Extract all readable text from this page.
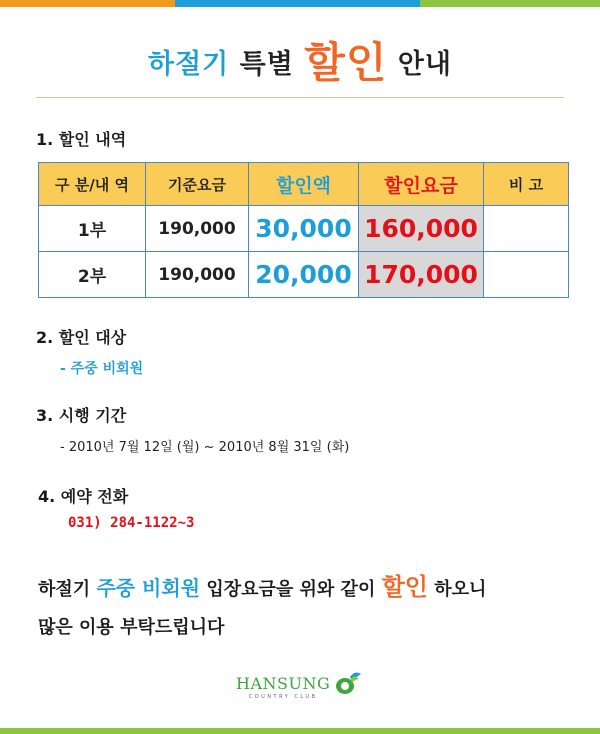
하절기 특별 할인 안내
1. 할인 내역
구 분/내 역	기준요금	할인액	할인요금	비 고
1부	190,000	30,000	160,000	
2부	190,000	20,000	170,000	
2. 할인 대상
- 주중 비회원
3. 시행 기간
- 2010년 7월 12일 (월) ~ 2010년 8월 31일 (화)
4. 예약 전화
031) 284-1122~3
하절기 주중 비회원 입장요금을 위와 같이 할인 하오니
많은 이용 부탁드립니다
HANSUNG
COUNTRY CLUB
